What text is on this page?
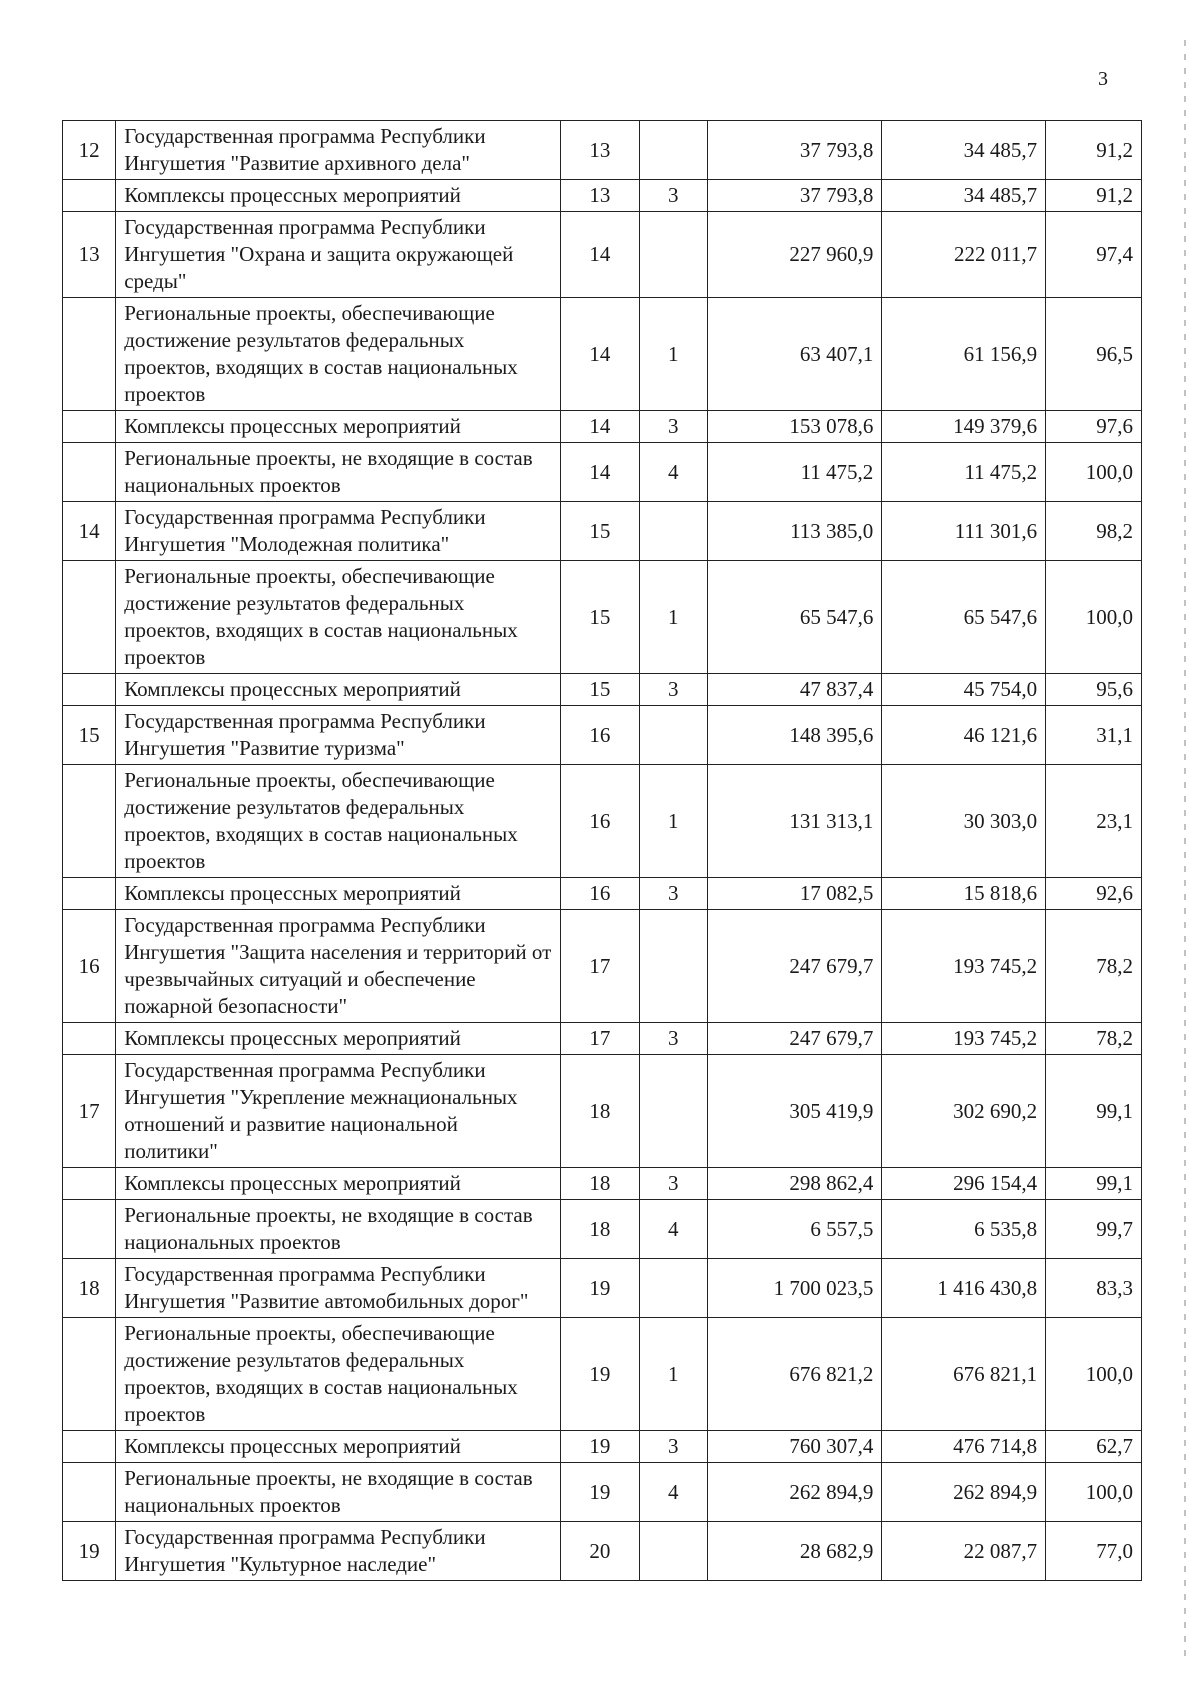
3
12	Государственная программа Республики Ингушетия "Развитие архивного дела"	13		37 793,8	34 485,7	91,2
	Комплексы процессных мероприятий	13	3	37 793,8	34 485,7	91,2
13	Государственная программа Республики Ингушетия "Охрана и защита окружающей среды"	14		227 960,9	222 011,7	97,4
	Региональные проекты, обеспечивающие достижение результатов федеральных проектов, входящих в состав национальных проектов	14	1	63 407,1	61 156,9	96,5
	Комплексы процессных мероприятий	14	3	153 078,6	149 379,6	97,6
	Региональные проекты, не входящие в состав национальных проектов	14	4	11 475,2	11 475,2	100,0
14	Государственная программа Республики Ингушетия "Молодежная политика"	15		113 385,0	111 301,6	98,2
	Региональные проекты, обеспечивающие достижение результатов федеральных проектов, входящих в состав национальных проектов	15	1	65 547,6	65 547,6	100,0
	Комплексы процессных мероприятий	15	3	47 837,4	45 754,0	95,6
15	Государственная программа Республики Ингушетия "Развитие туризма"	16		148 395,6	46 121,6	31,1
	Региональные проекты, обеспечивающие достижение результатов федеральных проектов, входящих в состав национальных проектов	16	1	131 313,1	30 303,0	23,1
	Комплексы процессных мероприятий	16	3	17 082,5	15 818,6	92,6
16	Государственная программа Республики Ингушетия "Защита населения и территорий от чрезвычайных ситуаций и обеспечение пожарной безопасности"	17		247 679,7	193 745,2	78,2
	Комплексы процессных мероприятий	17	3	247 679,7	193 745,2	78,2
17	Государственная программа Республики Ингушетия "Укрепление межнациональных отношений и развитие национальной политики"	18		305 419,9	302 690,2	99,1
	Комплексы процессных мероприятий	18	3	298 862,4	296 154,4	99,1
	Региональные проекты, не входящие в состав национальных проектов	18	4	6 557,5	6 535,8	99,7
18	Государственная программа Республики Ингушетия "Развитие автомобильных дорог"	19		1 700 023,5	1 416 430,8	83,3
	Региональные проекты, обеспечивающие достижение результатов федеральных проектов, входящих в состав национальных проектов	19	1	676 821,2	676 821,1	100,0
	Комплексы процессных мероприятий	19	3	760 307,4	476 714,8	62,7
	Региональные проекты, не входящие в состав национальных проектов	19	4	262 894,9	262 894,9	100,0
19	Государственная программа Республики Ингушетия "Культурное наследие"	20		28 682,9	22 087,7	77,0
